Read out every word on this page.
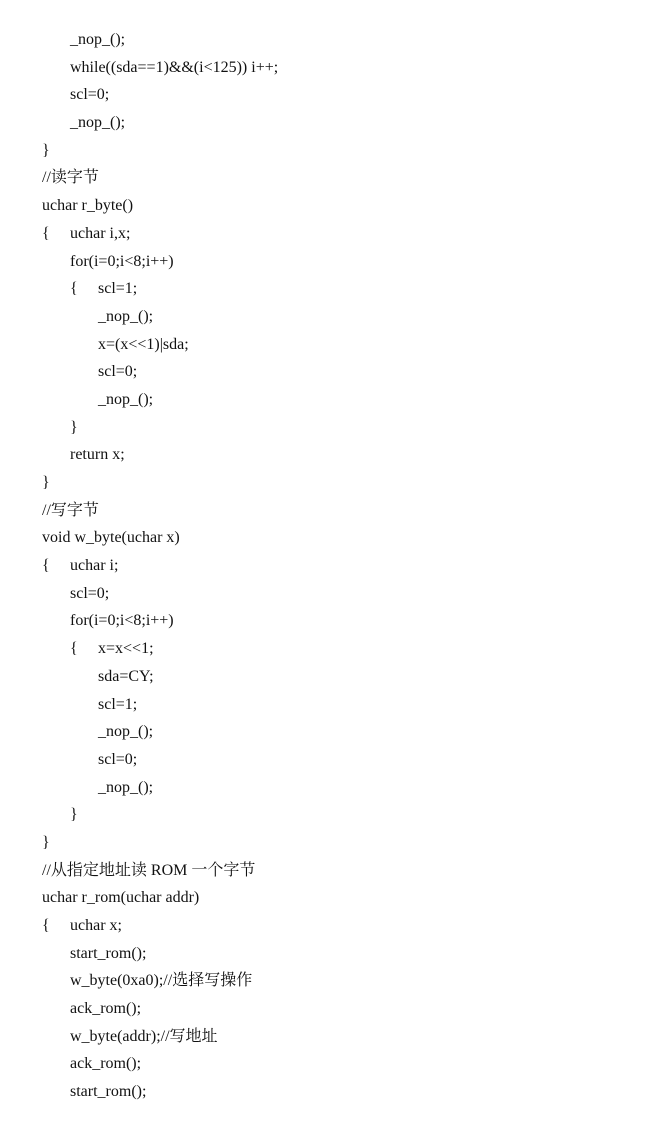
_nop_();
while((sda==1)&&(i<125)) i++;
scl=0;
_nop_();
}
//读字节
uchar r_byte()
{	uchar i,x;
for(i=0;i<8;i++)
{	scl=1;
_nop_();
x=(x<<1)|sda;
scl=0;
_nop_();
}
return x;
}
//写字节
void w_byte(uchar x)
{	uchar i;
scl=0;
for(i=0;i<8;i++)
{	x=x<<1;
sda=CY;
scl=1;
_nop_();
scl=0;
_nop_();
}
}
//从指定地址读 ROM 一个字节
uchar r_rom(uchar addr)
{	uchar x;
start_rom();
w_byte(0xa0);//选择写操作
ack_rom();
w_byte(addr);//写地址
ack_rom();
start_rom();
